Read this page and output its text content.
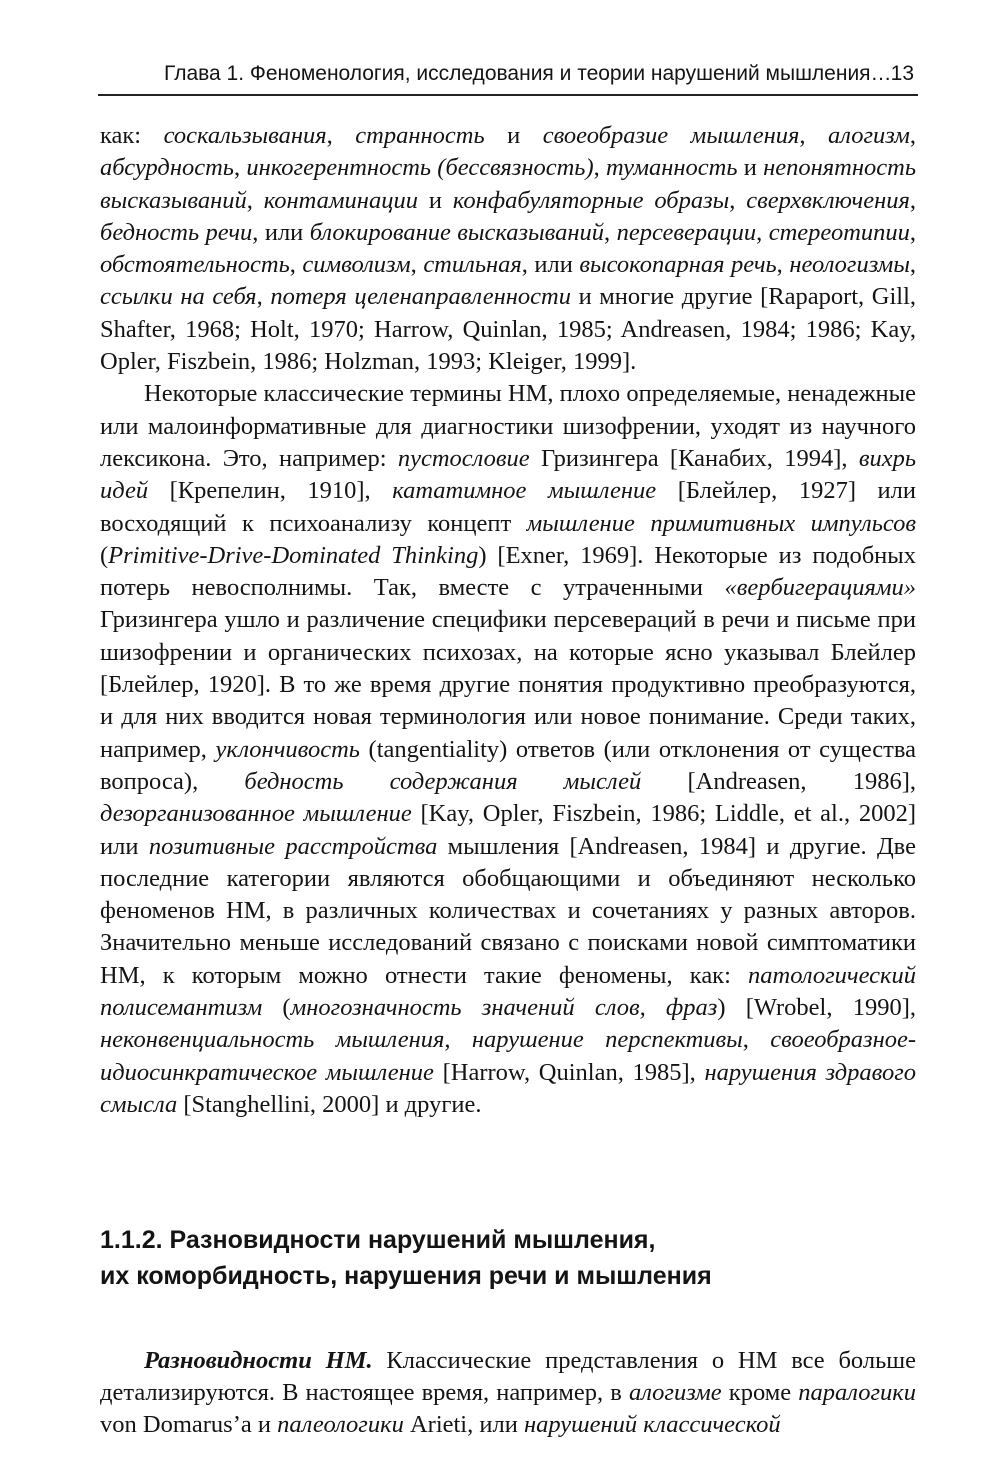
Глава 1. Феноменология, исследования и теории нарушений мышления… 13

как: соскальзывания, странность и своеобразие мышления, алогизм, абсурдность, инкогерентность (бессвязность), туманность и непонятность высказываний, контаминации и конфабуляторные образы, сверхвключения, бедность речи, или блокирование высказываний, персеверации, стереотипии, обстоятельность, символизм, стильная, или высокопарная речь, неологизмы, ссылки на себя, потеря целенаправленности и многие другие [Rapaport, Gill, Shafter, 1968; Holt, 1970; Harrow, Quinlan, 1985; Andreasen, 1984; 1986; Kay, Opler, Fiszbein, 1986; Holzman, 1993; Kleiger, 1999].

Некоторые классические термины НМ, плохо определяемые, ненадежные или малоинформативные для диагностики шизофрении, уходят из научного лексикона. Это, например: пустословие Гризингера [Канабих, 1994], вихрь идей [Крепелин, 1910], кататимное мышление [Блейлер, 1927] или восходящий к психоанализу концепт мышление примитивных импульсов (Primitive-Drive-Dominated Thinking) [Exner, 1969]. Некоторые из подобных потерь невосполнимы. Так, вместе с утраченными «вербигерациями» Гризингера ушло и различение специфики персевераций в речи и письме при шизофрении и органических психозах, на которые ясно указывал Блейлер [Блейлер, 1920]. В то же время другие понятия продуктивно преобразуются, и для них вводится новая терминология или новое понимание. Среди таких, например, уклончивость (tangentiality) ответов (или отклонения от существа вопроса), бедность содержания мыслей [Andreasen, 1986], дезорганизованное мышление [Kay, Opler, Fiszbein, 1986; Liddle, et al., 2002] или позитивные расстройства мышления [Andreasen, 1984] и другие. Две последние категории являются обобщающими и объединяют несколько феноменов НМ, в различных количествах и сочетаниях у разных авторов. Значительно меньше исследований связано с поисками новой симптоматики НМ, к которым можно отнести такие феномены, как: патологический полисемантизм (многозначность значений слов, фраз) [Wrobel, 1990], неконвенциальность мышления, нарушение перспективы, своеобразное-идиосинкратическое мышление [Harrow, Quinlan, 1985], нарушения здравого смысла [Stanghellini, 2000] и другие.

1.1.2. Разновидности нарушений мышления,
их коморбидность, нарушения речи и мышления

Разновидности НМ. Классические представления о НМ все больше детализируются. В настоящее время, например, в алогизме кроме паралогики von Domarus’а и палеологики Arieti, или нарушений классической
